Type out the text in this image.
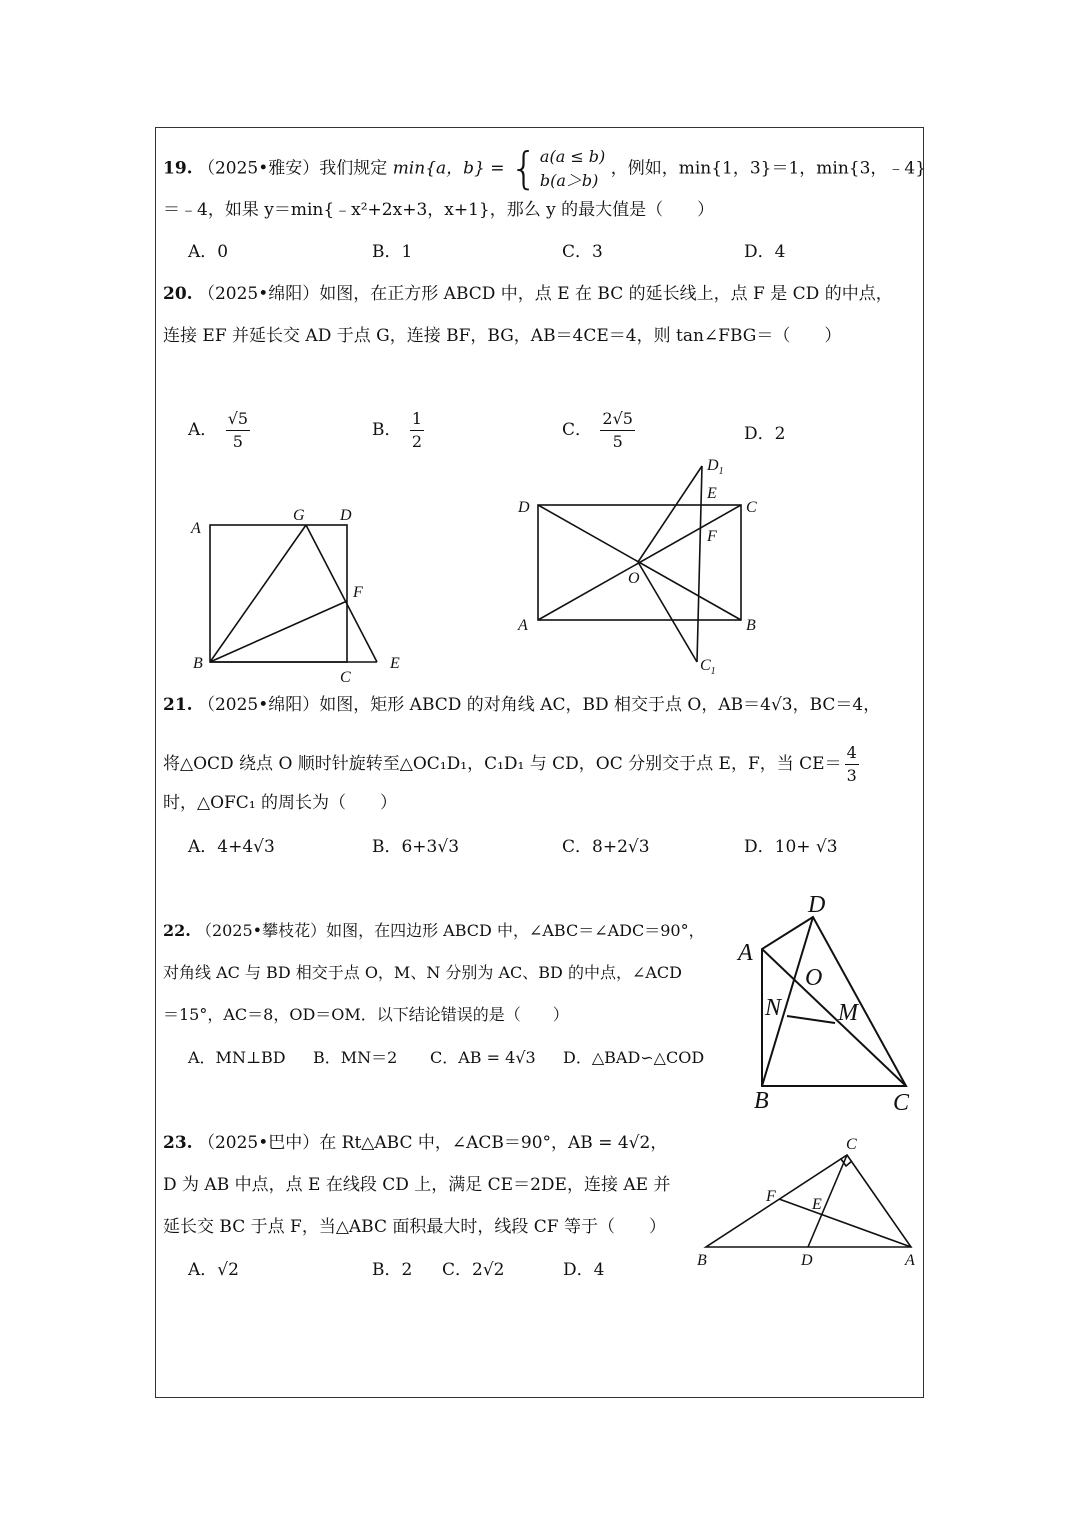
19. （2025•雅安）我们规定 min{a，b} = { a(a ≤ b)
b(a＞b)
，例如，min{1，3}＝1，min{3，﹣4}
＝﹣4，如果 y＝min{﹣x²+2x+3，x+1}，那么 y 的最大值是（　　）
A．0	B．1	C．3	D．4
20. （2025•绵阳）如图，在正方形 ABCD 中，点 E 在 BC 的延长线上，点 F 是 CD 的中点，
连接 EF 并延长交 AD 于点 G，连接 BF，BG，AB＝4CE＝4，则 tan∠FBG＝（　　）
A． $\frac{√5}{5}$	B． $\frac{1}{2}$	C． $\frac{2√5}{5}$	D．2
A
G D
F
B
C
E
$D_1$
E
D	C
F
O
A	B
$C_1$
21. （2025•绵阳）如图，矩形 ABCD 的对角线 AC，BD 相交于点 O，AB＝4√3，BC＝4，
将△OCD 绕点 O 顺时针旋转至△OC₁D₁，C₁D₁ 与 CD，OC 分别交于点 E，F，当 $CE= \frac{4}{3}$
时，△OFC₁ 的周长为（　　）
A．4+4√3	B．6+3√3	C．8+2√3	D．10+ √3
22. （2025•攀枝花）如图，在四边形 ABCD 中，∠ABC＝∠ADC＝90°，
对角线 AC 与 BD 相交于点 O，M、N 分别为 AC、BD 的中点，∠ACD
＝15°，AC＝8，OD＝OM．以下结论错误的是（　　）
A．MN⊥BD B．MN＝2 C．AB = 4√3 D．△BAD∽△COD
D
A
O
N M
B	C
23. （2025•巴中）在 Rt△ABC 中，∠ACB＝90°，AB = 4√2，
D 为 AB 中点，点 E 在线段 CD 上，满足 CE＝2DE，连接 AE 并
延长交 BC 于点 F，当△ABC 面积最大时，线段 CF 等于（　　）
A．√2	B．2 C．2√2	D．4
C
F E
B	D	A
